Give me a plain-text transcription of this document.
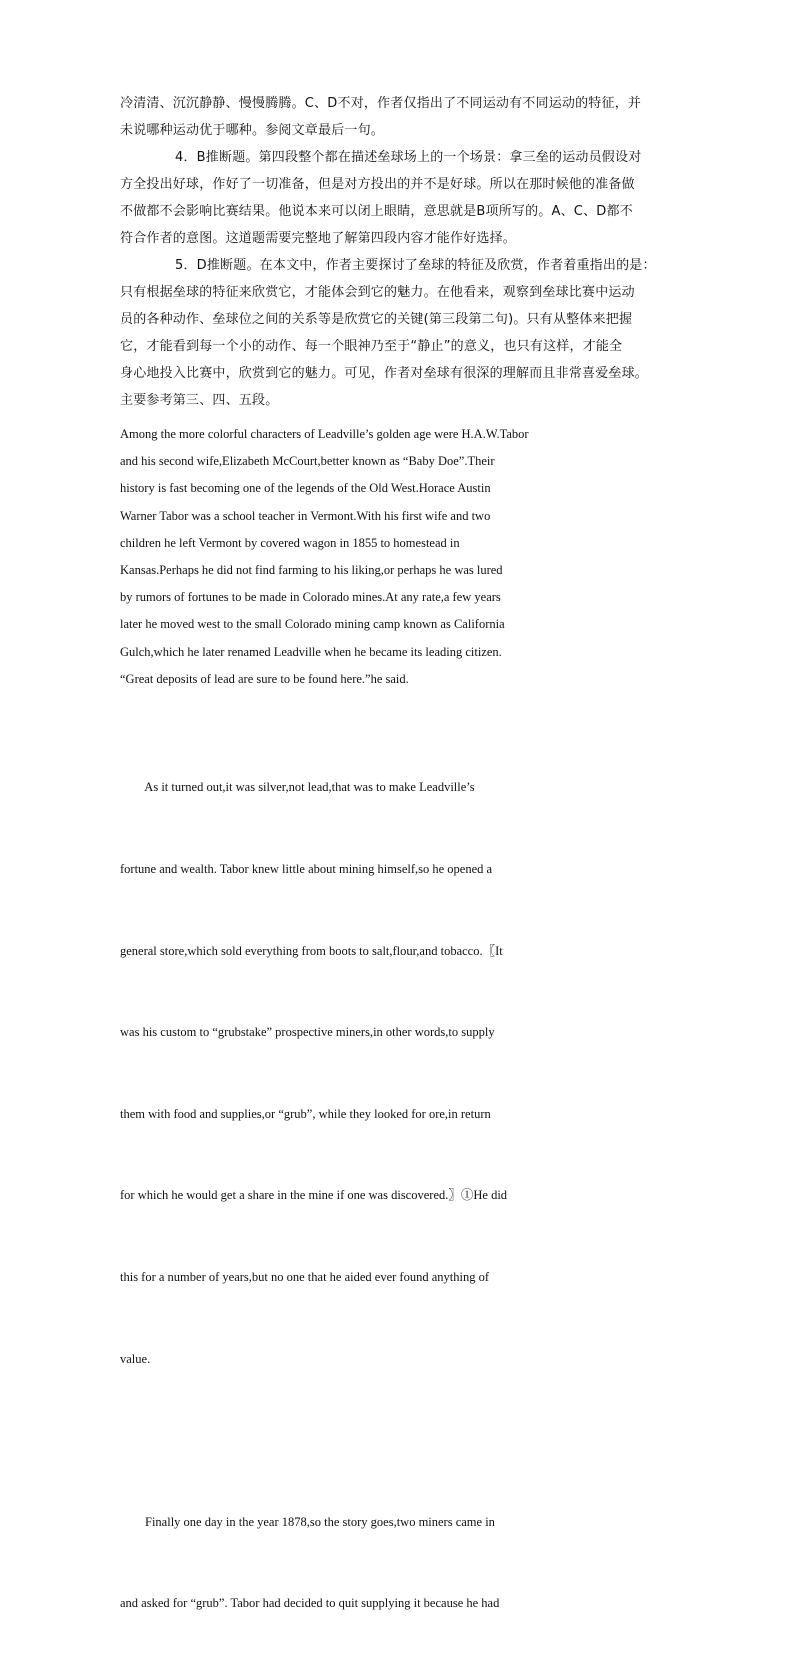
冷清清、沉沉静静、慢慢腾腾。C、D不对，作者仅指出了不同运动有不同运动的特征，并

未说哪种运动优于哪种。参阅文章最后一句。

4．B推断题。第四段整个都在描述垒球场上的一个场景：拿三垒的运动员假设对

方全投出好球，作好了一切准备，但是对方投出的并不是好球。所以在那时候他的准备做

不做都不会影响比赛结果。他说本来可以闭上眼睛，意思就是B项所写的。A、C、D都不

符合作者的意图。这道题需要完整地了解第四段内容才能作好选择。

5．D推断题。在本文中，作者主要探讨了垒球的特征及欣赏，作者着重指出的是：

只有根据垒球的特征来欣赏它，才能体会到它的魅力。在他看来，观察到垒球比赛中运动

员的各种动作、垒球位之间的关系等是欣赏它的关键(第三段第二句)。只有从整体来把握

它，才能看到每一个小的动作、每一个眼神乃至于“静止”的意义，也只有这样，才能全

身心地投入比赛中，欣赏到它的魅力。可见，作者对垒球有很深的理解而且非常喜爱垒球。

主要参考第三、四、五段。

Among the more colorful characters of Leadville’s golden age were H.A.W.Tabor
and his second wife,Elizabeth McCourt,better known as “Baby Doe”.Their
history is fast becoming one of the legends of the Old West.Horace Austin
Warner Tabor was a school teacher in Vermont.With his first wife and two
children he left Vermont by covered wagon in 1855 to homestead in
Kansas.Perhaps he did not find farming to his liking,or perhaps he was lured
by rumors of fortunes to be made in Colorado mines.At any rate,a few years
later he moved west to the small Colorado mining camp known as California
Gulch,which he later renamed Leadville when he became its leading citizen.
“Great deposits of lead are sure to be found here.”he said.

As it turned out,it was silver,not lead,that was to make Leadville’s

fortune and wealth. Tabor knew little about mining himself,so he opened a

general store,which sold everything from boots to salt,flour,and tobacco.〖It

was his custom to “grubstake” prospective miners,in other words,to supply

them with food and supplies,or “grub”, while they looked for ore,in return

for which he would get a share in the mine if one was discovered.〗①He did

this for a number of years,but no one that he aided ever found anything of

value.

Finally one day in the year 1878,so the story goes,two miners came in

and asked for “grub”. Tabor had decided to quit supplying it because he had
